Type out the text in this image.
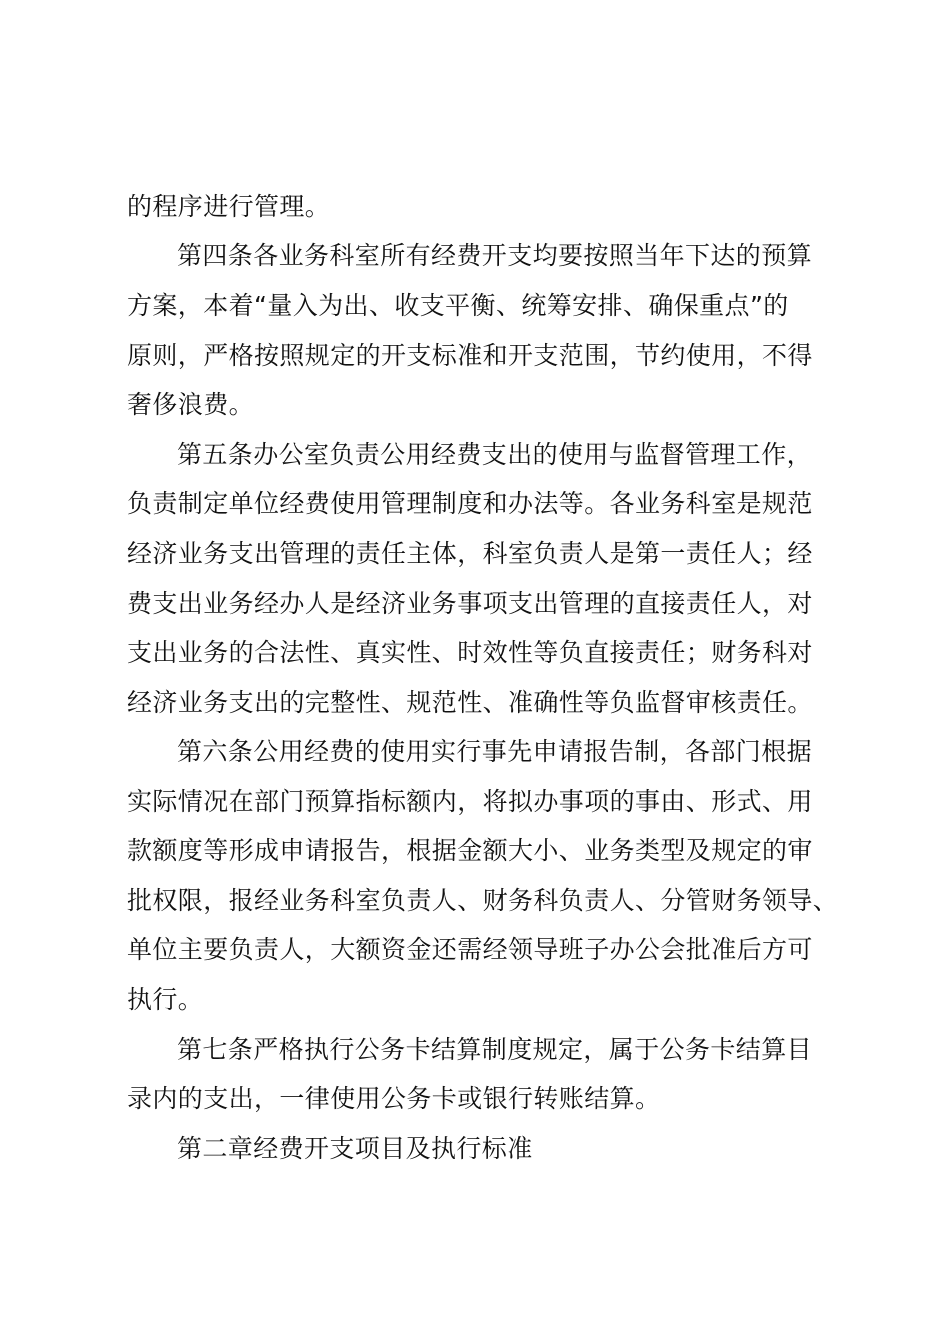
的程序进行管理。
第四条各业务科室所有经费开支均要按照当年下达的预算
方案，本着“量入为出、收支平衡、统筹安排、确保重点”的
原则，严格按照规定的开支标准和开支范围，节约使用，不得
奢侈浪费。
第五条办公室负责公用经费支出的使用与监督管理工作，
负责制定单位经费使用管理制度和办法等。各业务科室是规范
经济业务支出管理的责任主体，科室负责人是第一责任人；经
费支出业务经办人是经济业务事项支出管理的直接责任人，对
支出业务的合法性、真实性、时效性等负直接责任；财务科对
经济业务支出的完整性、规范性、准确性等负监督审核责任。
第六条公用经费的使用实行事先申请报告制，各部门根据
实际情况在部门预算指标额内，将拟办事项的事由、形式、用
款额度等形成申请报告，根据金额大小、业务类型及规定的审
批权限，报经业务科室负责人、财务科负责人、分管财务领导、
单位主要负责人，大额资金还需经领导班子办公会批准后方可
执行。
第七条严格执行公务卡结算制度规定，属于公务卡结算目
录内的支出，一律使用公务卡或银行转账结算。
第二章经费开支项目及执行标准
